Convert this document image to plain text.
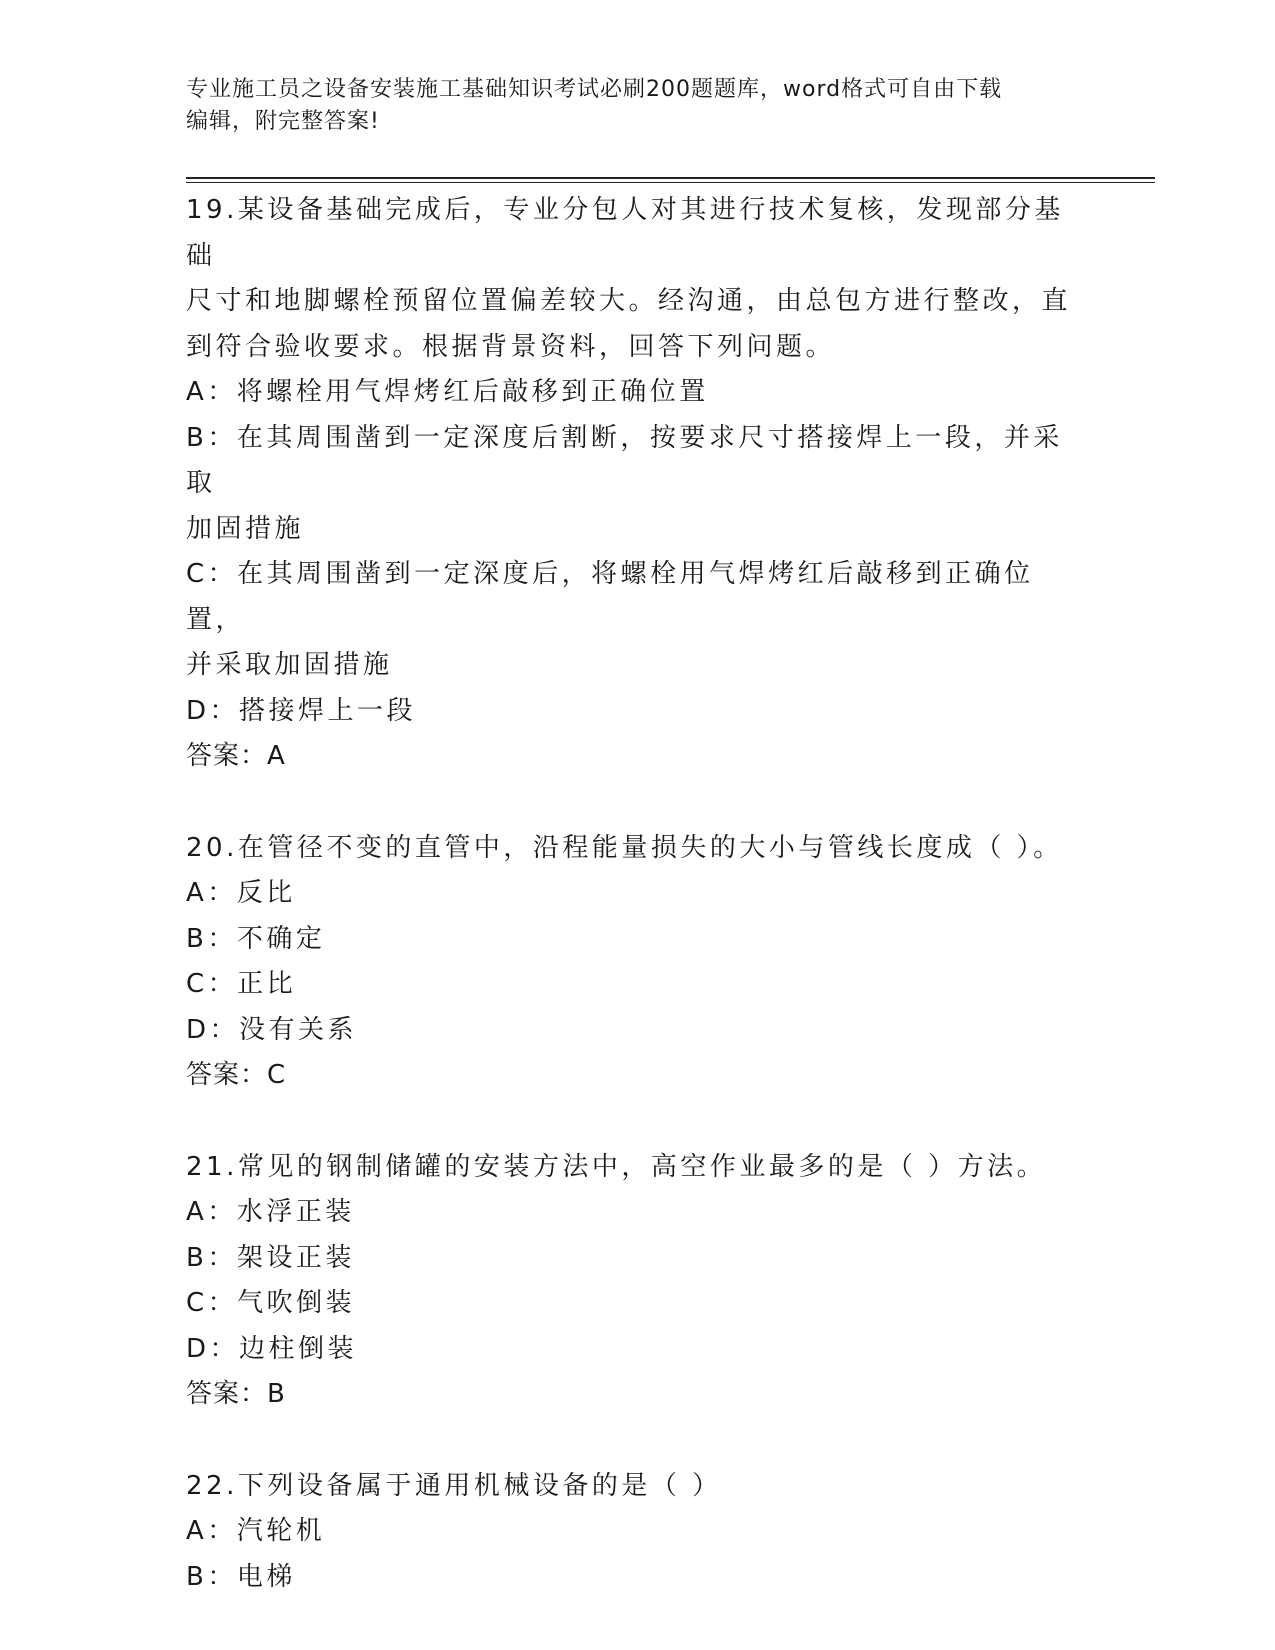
专业施工员之设备安装施工基础知识考试必刷200题题库，word格式可自由下载
编辑，附完整答案!
19.某设备基础完成后，专业分包人对其进行技术复核，发现部分基础
尺寸和地脚螺栓预留位置偏差较大。经沟通，由总包方进行整改，直
到符合验收要求。根据背景资料，回答下列问题。
A：将螺栓用气焊烤红后敲移到正确位置
B：在其周围凿到一定深度后割断，按要求尺寸搭接焊上一段，并采取
加固措施
C：在其周围凿到一定深度后，将螺栓用气焊烤红后敲移到正确位置，
并采取加固措施
D：搭接焊上一段
答案：A
20.在管径不变的直管中，沿程能量损失的大小与管线长度成（ ）。
A：反比
B：不确定
C：正比
D：没有关系
答案：C
21.常见的钢制储罐的安装方法中，高空作业最多的是（ ）方法。
A：水浮正装
B：架设正装
C：气吹倒装
D：边柱倒装
答案：B
22.下列设备属于通用机械设备的是（ ）
A：汽轮机
B：电梯
